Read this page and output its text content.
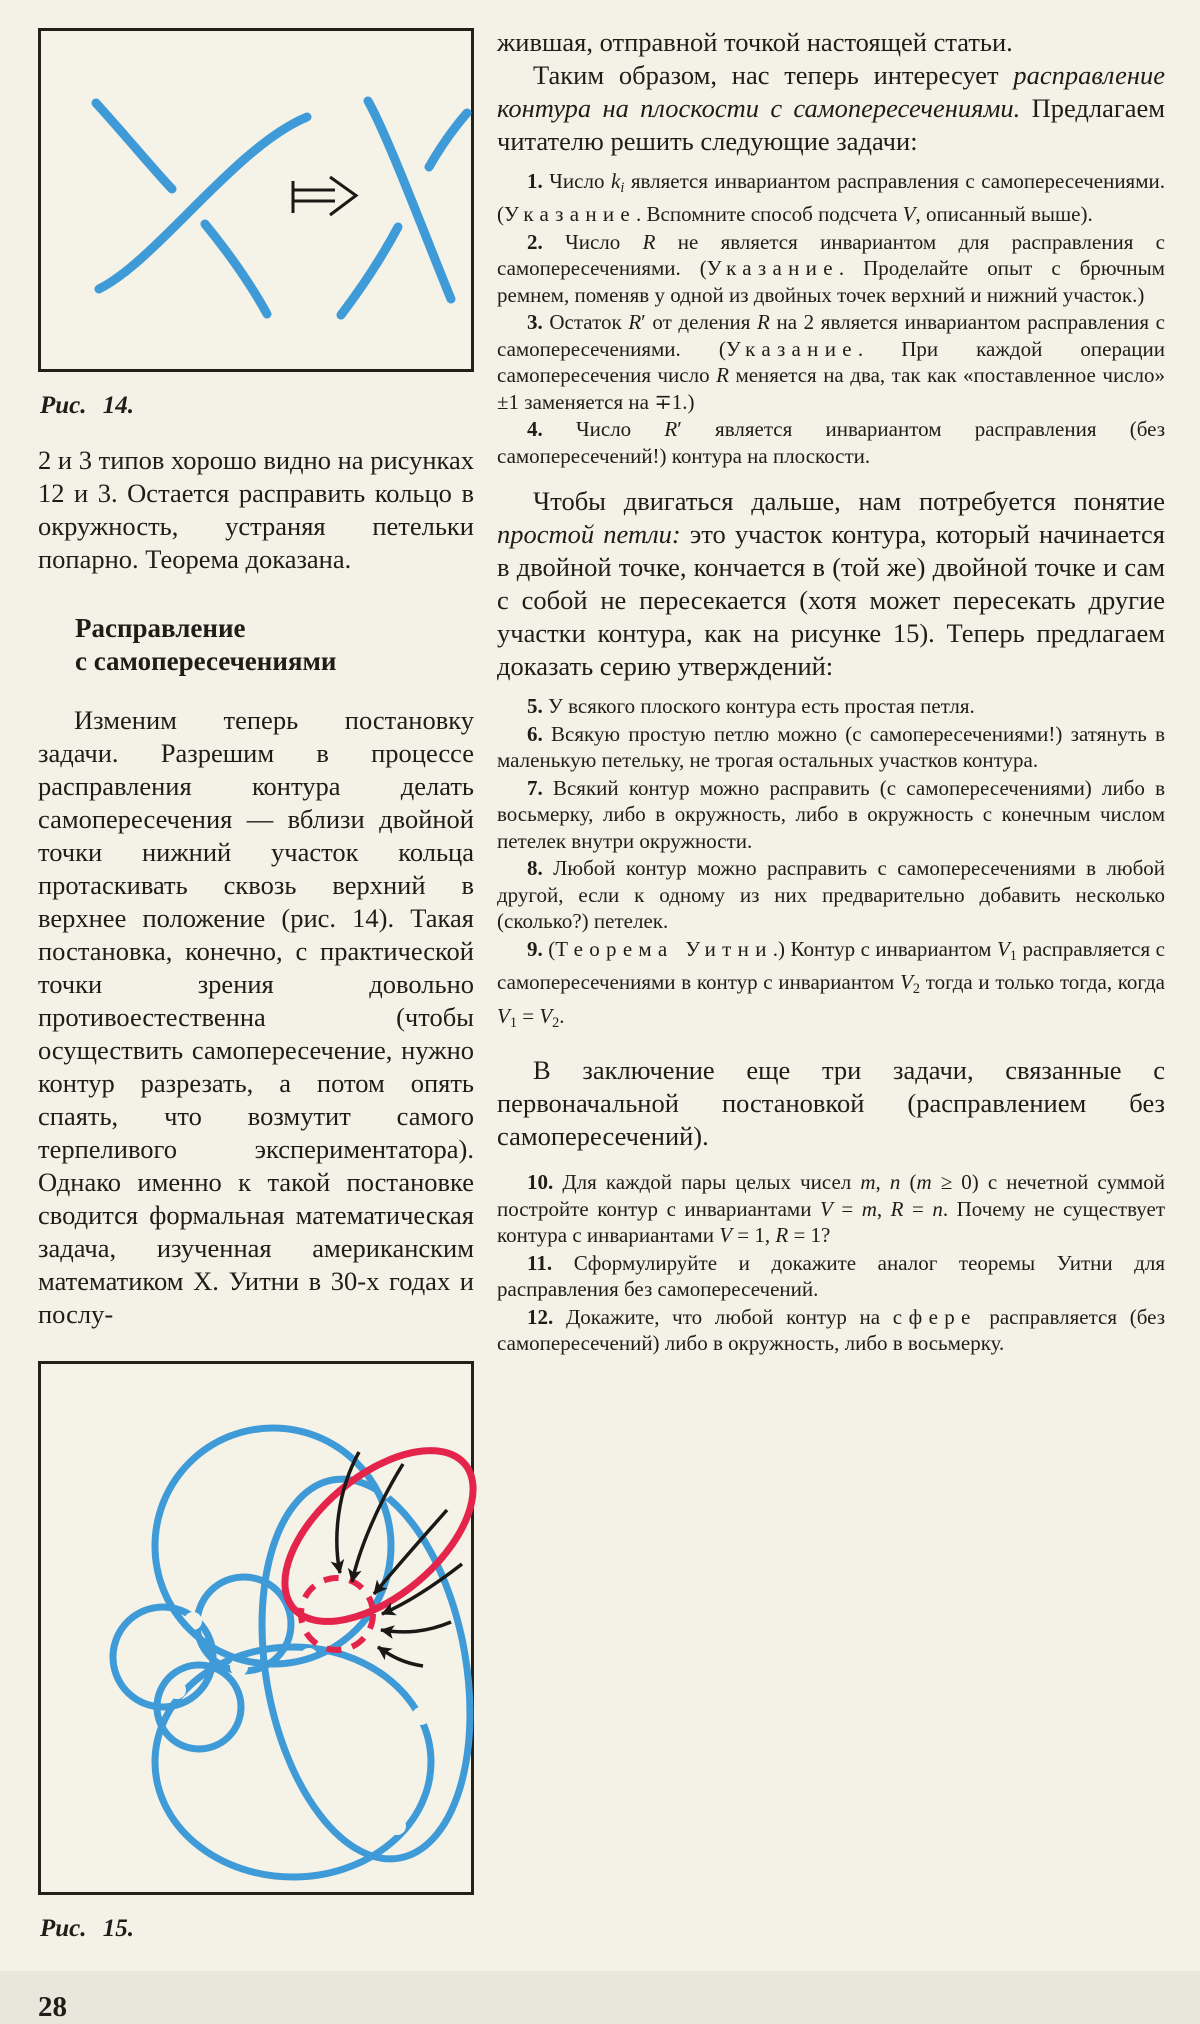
Рис. 14.

2 и 3 типов хорошо видно на рисунках 12 и 3. Остается расправить кольцо в окружность, устраняя петельки попарно. Теорема доказана.

Расправление
с самопересечениями

Изменим теперь постановку задачи. Разрешим в процессе расправления контура делать самопересечения — вблизи двойной точки нижний участок кольца протаскивать сквозь верхний в верхнее положение (рис. 14). Такая постановка, конечно, с практической точки зрения довольно противоестественна (чтобы осуществить самопересечение, нужно контур разрезать, а потом опять спаять, что возмутит самого терпеливого экспериментатора). Однако именно к такой постановке сводится формальная математическая задача, изученная американским математиком Х. Уитни в 30-х годах и послу-

Рис. 15.
28

жившая, отправной точкой настоящей статьи.

Таким образом, нас теперь интересует расправление контура на плоскости с самопересечениями. Предлагаем читателю решить следующие задачи:

1. Число $k_i$ является инвариантом расправления с самопересечениями. (Указание. Вспомните способ подсчета V, описанный выше).

2. Число R не является инвариантом для расправления с самопересечениями. (Указание. Проделайте опыт с брючным ремнем, поменяв у одной из двойных точек верхний и нижний участок.)

3. Остаток R′ от деления R на 2 является инвариантом расправления с самопересечениями. (Указание. При каждой операции самопересечения число R меняется на два, так как «поставленное число» ±1 заменяется на ∓1.)

4. Число R′ является инвариантом расправления (без самопересечений!) контура на плоскости.

Чтобы двигаться дальше, нам потребуется понятие простой петли: это участок контура, который начинается в двойной точке, кончается в (той же) двойной точке и сам с собой не пересекается (хотя может пересекать другие участки контура, как на рисунке 15). Теперь предлагаем доказать серию утверждений:

5. У всякого плоского контура есть простая петля.

6. Всякую простую петлю можно (с самопересечениями!) затянуть в маленькую петельку, не трогая остальных участков контура.

7. Всякий контур можно расправить (с самопересечениями) либо в восьмерку, либо в окружность, либо в окружность с конечным числом петелек внутри окружности.

8. Любой контур можно расправить с самопересечениями в любой другой, если к одному из них предварительно добавить несколько (сколько?) петелек.

9. (Теорема Уитни.) Контур с инвариантом $V_1$ расправляется с самопересечениями в контур с инвариантом $V_2$ тогда и только тогда, когда $V_1 = V_2$.

В заключение еще три задачи, связанные с первоначальной постановкой (расправлением без самопересечений).

10. Для каждой пары целых чисел m, n (m ≥ 0) с нечетной суммой постройте контур с инвариантами V = m, R = n. Почему не существует контура с инвариантами V = 1, R = 1?

11. Сформулируйте и докажите аналог теоремы Уитни для расправления без самопересечений.

12. Докажите, что любой контур на сфере расправляется (без самопересечений) либо в окружность, либо в восьмерку.
